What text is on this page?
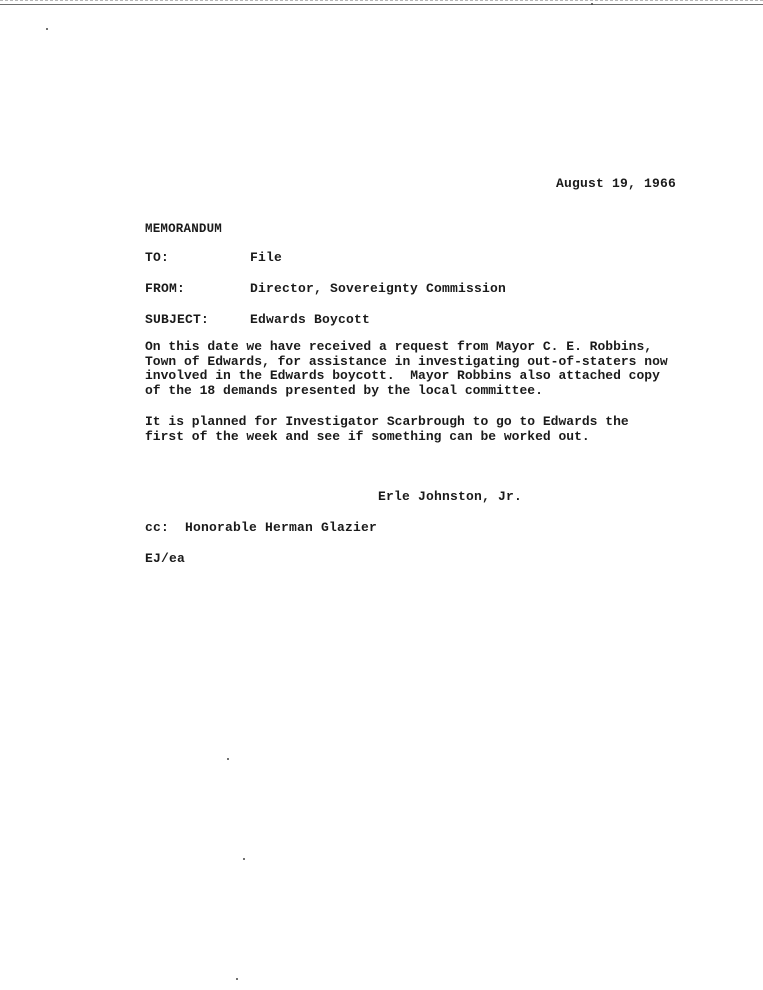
August 19, 1966
MEMORANDUM
TO:	File
FROM:	Director, Sovereignty Commission
SUBJECT:	Edwards Boycott
On this date we have received a request from Mayor C. E. Robbins,
Town of Edwards, for assistance in investigating out-of-staters now
involved in the Edwards boycott.  Mayor Robbins also attached copy
of the 18 demands presented by the local committee.
It is planned for Investigator Scarbrough to go to Edwards the
first of the week and see if something can be worked out.
Erle Johnston, Jr.
cc:  Honorable Herman Glazier
EJ/ea
